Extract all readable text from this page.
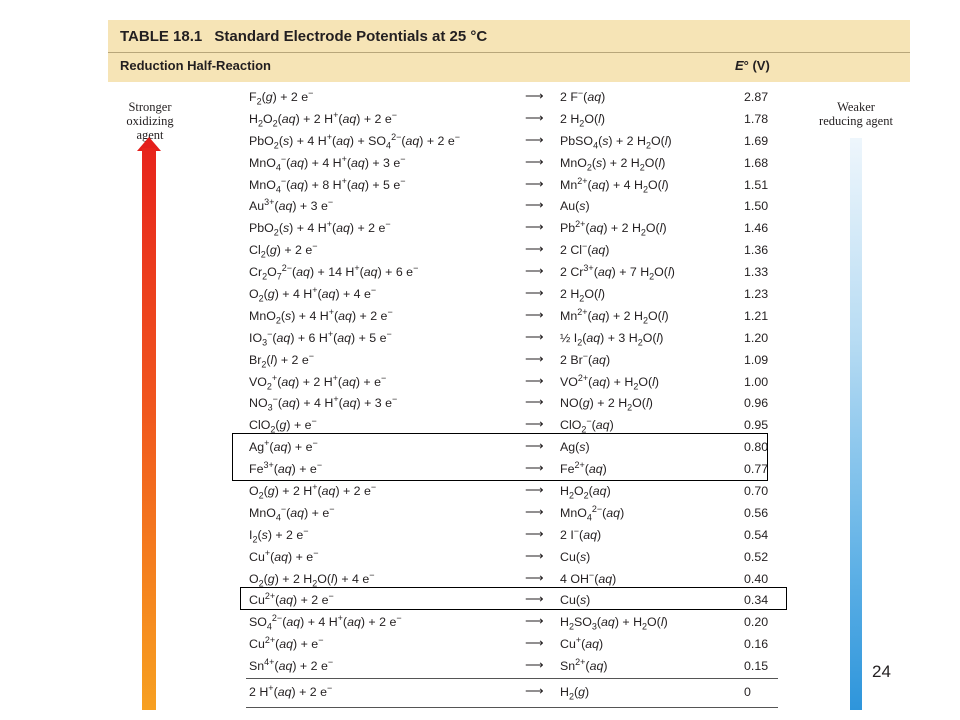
TABLE 18.1 Standard Electrode Potentials at 25 °C
Reduction Half-Reaction	E° (V)
Stronger
oxidizing agent
Weaker
reducing agent
$F_2(g) + 2$ e−	⟶ 2 F−(aq)	2.87
$H_2O_2(aq) + 2$ H+(aq) + 2 e−	⟶ 2 $H_2O(l)$	1.78
PbO$_2$(s) + 4 $H^+(aq) + SO_4^{2-}(aq) + 2$ e−	⟶ PbSO$_4$(s) + 2 $H_2O(l)$	1.69
MnO$_4$−(aq) + 4 H+(aq) + 3 e−	⟶ MnO$_2$(s) + 2 $H_2O(l)$	1.68
MnO$_4$−(aq) + 8 H+(aq) + 5 e−	⟶ $Mn^{2+}(aq) + 4$ $H_2O(l)$	1.51
$Au^{3+}(aq) + 3$ e−	⟶ Au(s)	1.50
PbO$_2$(s) + 4 H+(aq) + 2 e−	⟶ $Pb^{2+}(aq) + 2$ $H_2O(l)$	1.46
$Cl_2(g) + 2$ e−	⟶ 2 Cl−(aq)	1.36
$Cr_2O_7^{2-}(aq) + 14$ H+(aq) + 6 e−	⟶ 2 $Cr^{3+}(aq) + 7$ $H_2O(l)$	1.33
$O_2(g) + 4$ H+(aq) + 4 e−	⟶ 2 $H_2O(l)$	1.23
MnO$_2$(s) + 4 H+(aq) + 2 e−	⟶ $Mn^{2+}(aq) + 2$ $H_2O(l)$	1.21
$IO_3^-(aq) + 6$ H+(aq) + 5 e−	⟶ ½ $I_2(aq) + 3$ $H_2O(l)$	1.20
$Br_2(l) + 2$ e−	⟶ 2 Br−(aq)	1.09
$VO_2^+(aq) + 2$ H+(aq) + e−	⟶ $VO^{2+}(aq) + H_2O(l)$	1.00
$NO_3^-(aq) + 4$ H+(aq) + 3 e−	⟶ NO(g) + 2 $H_2O(l)$	0.96
ClO$_2$(g) + e−	⟶ ClO$_2$−(aq)	0.95
Ag+(aq) + e−	⟶ Ag(s)	0.80
$Fe^{3+}(aq) + e^-$	⟶ $Fe^{2+}(aq)$	0.77
$O_2(g) + 2$ H+(aq) + 2 e−	⟶ $H_2O_2(aq)$	0.70
MnO$_4$−(aq) + e−	⟶ MnO$_4^{2-}$(aq)	0.56
$I_2(s) + 2$ e−	⟶ 2 I−(aq)	0.54
Cu+(aq) + e−	⟶ Cu(s)	0.52
$O_2(g) + 2$ $H_2O(l) + 4$ e−	⟶ 4 OH−(aq)	0.40
$Cu^{2+}(aq) + 2$ e−	⟶ Cu(s)	0.34
$SO_4^{2-}(aq) + 4$ H+(aq) + 2 e−	⟶ $H_2SO_3(aq) + H_2O(l)$	0.20
$Cu^{2+}(aq) + e^-$	⟶ Cu+(aq)	0.16
$Sn^{4+}(aq) + 2$ e−	⟶ $Sn^{2+}(aq)$	0.15
2 H+(aq) + 2 e−	⟶ $H_2(g)$	0
24
